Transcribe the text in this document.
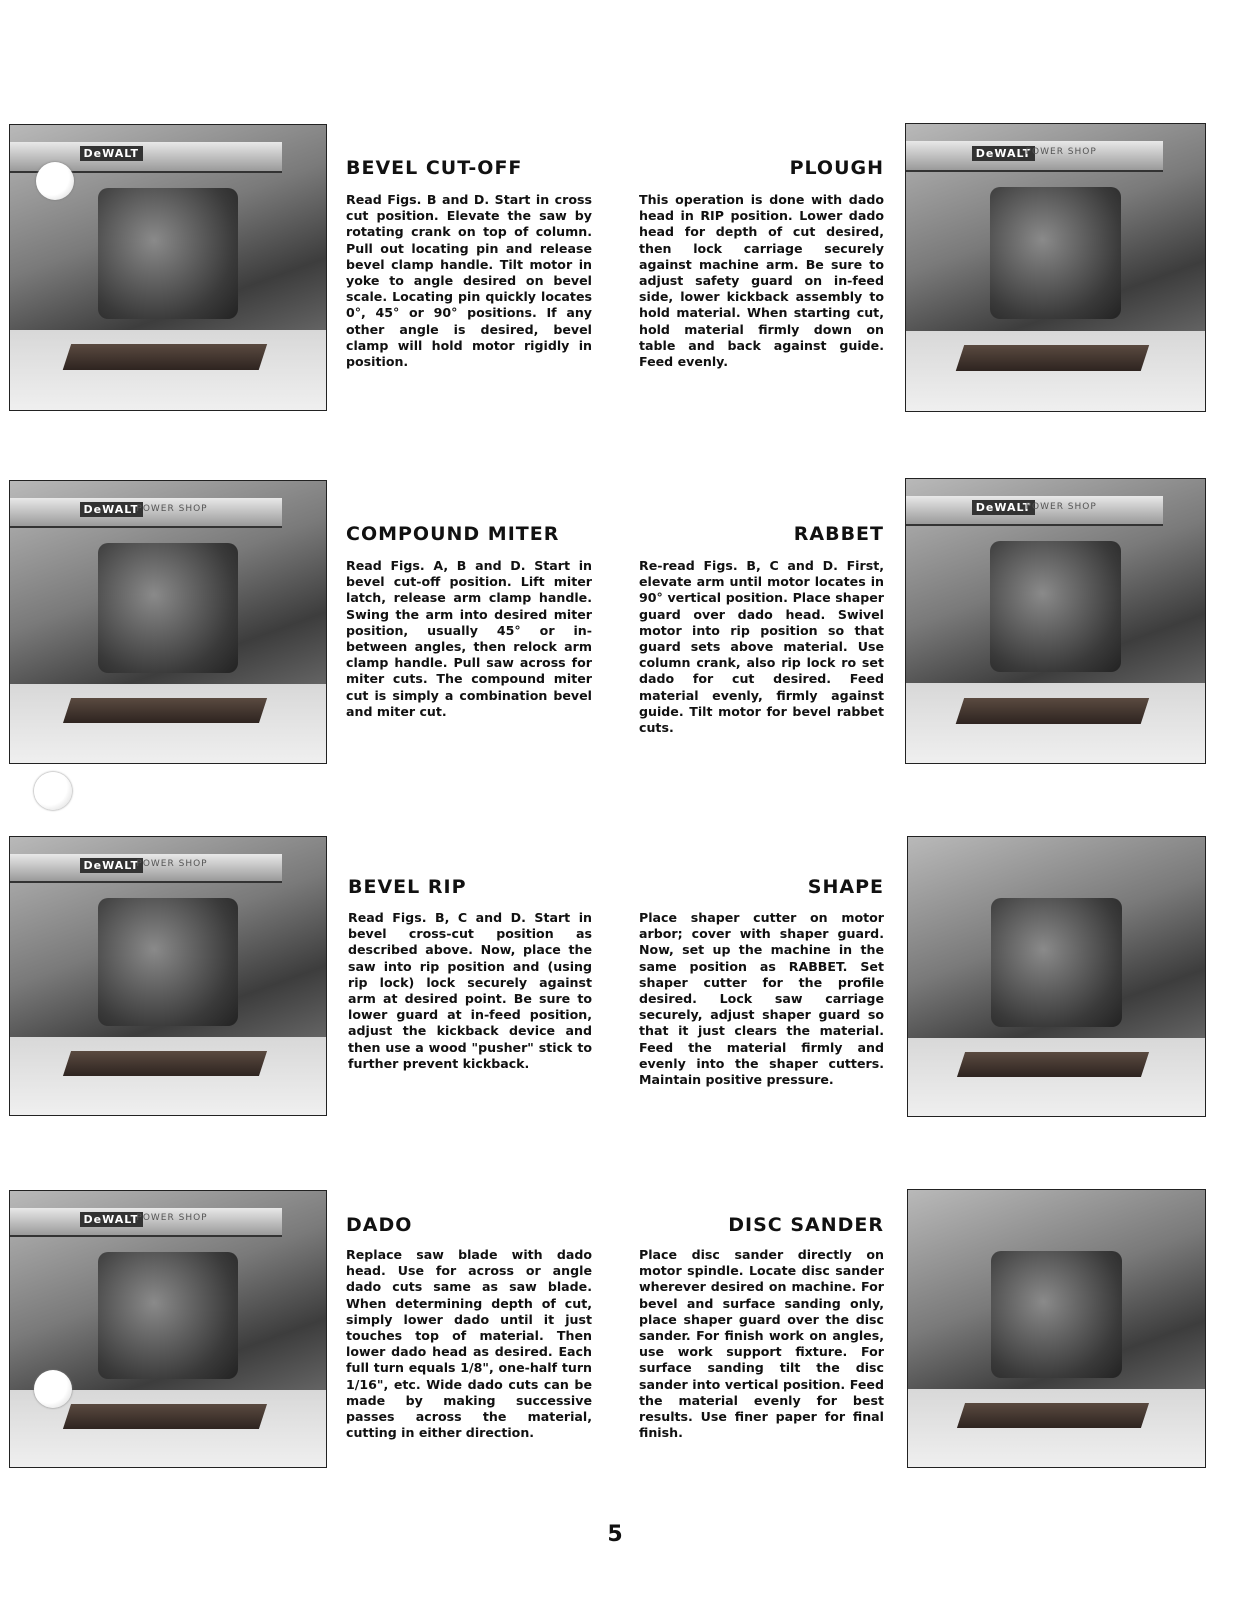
DeWALT
BEVEL CUT-OFF

Read Figs. B and D. Start in cross cut position. Elevate the saw by rotating crank on top of column. Pull out locating pin and release bevel clamp handle. Tilt motor in yoke to angle desired on bevel scale. Locating pin quickly locates 0°, 45° or 90° positions. If any other angle is desired, bevel clamp will hold motor rigidly in position.

PLOUGH

This operation is done with dado head in RIP position. Lower dado head for depth of cut desired, then lock carriage securely against machine arm. Be sure to adjust safety guard on in-feed side, lower kickback assembly to hold material. When starting cut, hold material firmly down on table and back against guide. Feed evenly.

DeWALT
POWER SHOP
DeWALT
POWER SHOP
COMPOUND MITER

Read Figs. A, B and D. Start in bevel cut-off position. Lift miter latch, release arm clamp handle. Swing the arm into desired miter position, usually 45° or in-between angles, then relock arm clamp handle. Pull saw across for miter cuts. The compound miter cut is simply a combination bevel and miter cut.

RABBET

Re-read Figs. B, C and D. First, elevate arm until motor locates in 90° vertical position. Place shaper guard over dado head. Swivel motor into rip position so that guard sets above material. Use column crank, also rip lock ro set dado for cut desired. Feed material evenly, firmly against guide. Tilt motor for bevel rabbet cuts.

DeWALT
POWER SHOP
DeWALT
POWER SHOP
BEVEL RIP

Read Figs. B, C and D. Start in bevel cross-cut position as described above. Now, place the saw into rip position and (using rip lock) lock securely against arm at desired point. Be sure to lower guard at in-feed position, adjust the kickback device and then use a wood "pusher" stick to further prevent kickback.

SHAPE

Place shaper cutter on motor arbor; cover with shaper guard. Now, set up the machine in the same position as RABBET. Set shaper cutter for the profile desired. Lock saw carriage securely, adjust shaper guard so that it just clears the material. Feed the material firmly and evenly into the shaper cutters. Maintain positive pressure.

DeWALT
POWER SHOP	DADO

Replace saw blade with dado head. Use for across or angle dado cuts same as saw blade. When determining depth of cut, simply lower dado until it just touches top of material. Then lower dado head as desired. Each full turn equals 1/8", one-half turn 1/16", etc. Wide dado cuts can be made by making successive passes across the material, cutting in either direction.

DISC SANDER

Place disc sander directly on motor spindle. Locate disc sander wherever desired on machine. For bevel and surface sanding only, place shaper guard over the disc sander. For finish work on angles, use work support fixture. For surface sanding tilt the disc sander into vertical position. Feed the material evenly for best results. Use finer paper for final finish.

5
